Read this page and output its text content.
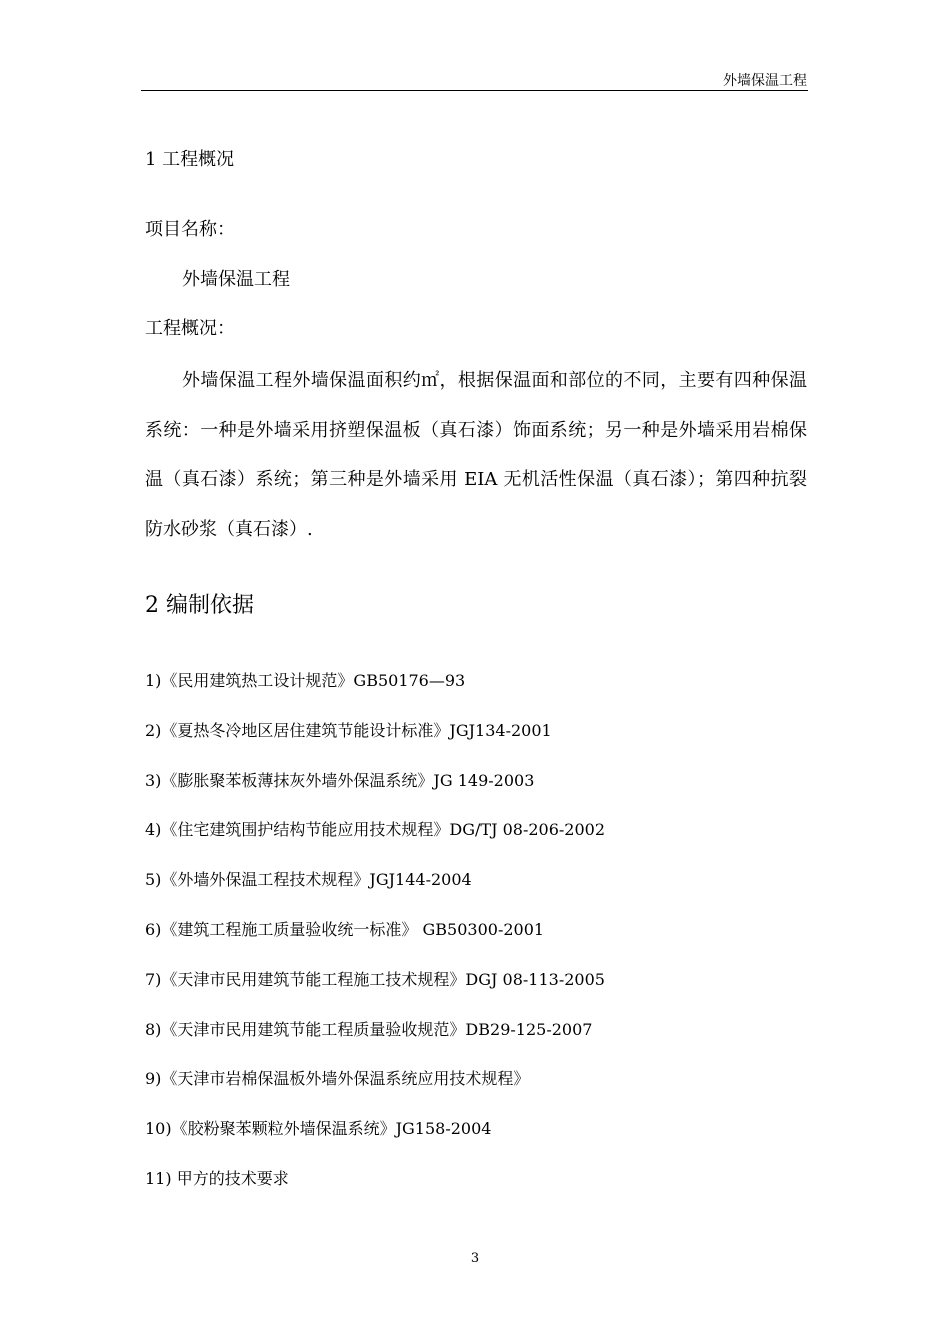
外墙保温工程
1 工程概况
项目名称：
外墙保温工程
工程概况：
外墙保温工程外墙保温面积约㎡，根据保温面和部位的不同，主要有四种保温系统：一种是外墙采用挤塑保温板（真石漆）饰面系统；另一种是外墙采用岩棉保温（真石漆）系统；第三种是外墙采用 EIA 无机活性保温（真石漆）；第四种抗裂防水砂浆（真石漆）.
2 编制依据
1)《民用建筑热工设计规范》GB50176—93
2)《夏热冬冷地区居住建筑节能设计标准》JGJ134-2001
3)《膨胀聚苯板薄抹灰外墙外保温系统》JG 149-2003
4)《住宅建筑围护结构节能应用技术规程》DG/TJ 08-206-2002
5)《外墙外保温工程技术规程》JGJ144-2004
6)《建筑工程施工质量验收统一标准》 GB50300-2001
7)《天津市民用建筑节能工程施工技术规程》DGJ 08-113-2005
8)《天津市民用建筑节能工程质量验收规范》DB29-125-2007
9)《天津市岩棉保温板外墙外保温系统应用技术规程》
10)《胶粉聚苯颗粒外墙保温系统》JG158-2004
11) 甲方的技术要求
3
